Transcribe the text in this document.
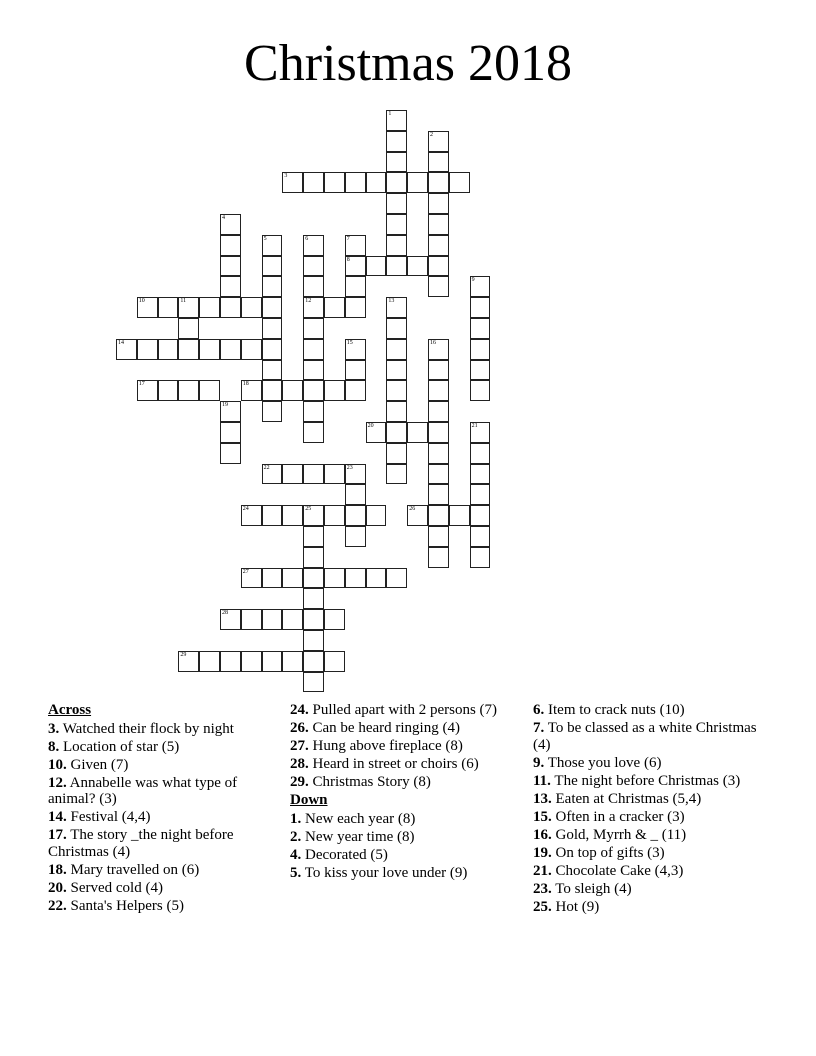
Christmas 2018
1
2
3
4
5	6
12
7
8
9
10	11	13
14	15	16
17	18
19
20	21
22	23
24	25	26
27
28
29
Across
3. Watched their flock by night
8. Location of star (5)
10. Given (7)
12. Annabelle was what type of animal? (3)
14. Festival (4,4)
17. The story _the night before Christmas (4)
18. Mary travelled on (6)
20. Served cold (4)
22. Santa's Helpers (5)
24. Pulled apart with 2 persons (7)
26. Can be heard ringing (4)
27. Hung above fireplace (8)
28. Heard in street or choirs (6)
29. Christmas Story (8)
Down
1. New each year (8)
2. New year time (8)
4. Decorated (5)
5. To kiss your love under (9)
6. Item to crack nuts (10)
7. To be classed as a white Christmas (4)
9. Those you love (6)
11. The night before Christmas (3)
13. Eaten at Christmas (5,4)
15. Often in a cracker (3)
16. Gold, Myrrh & _ (11)
19. On top of gifts (3)
21. Chocolate Cake (4,3)
23. To sleigh (4)
25. Hot (9)
